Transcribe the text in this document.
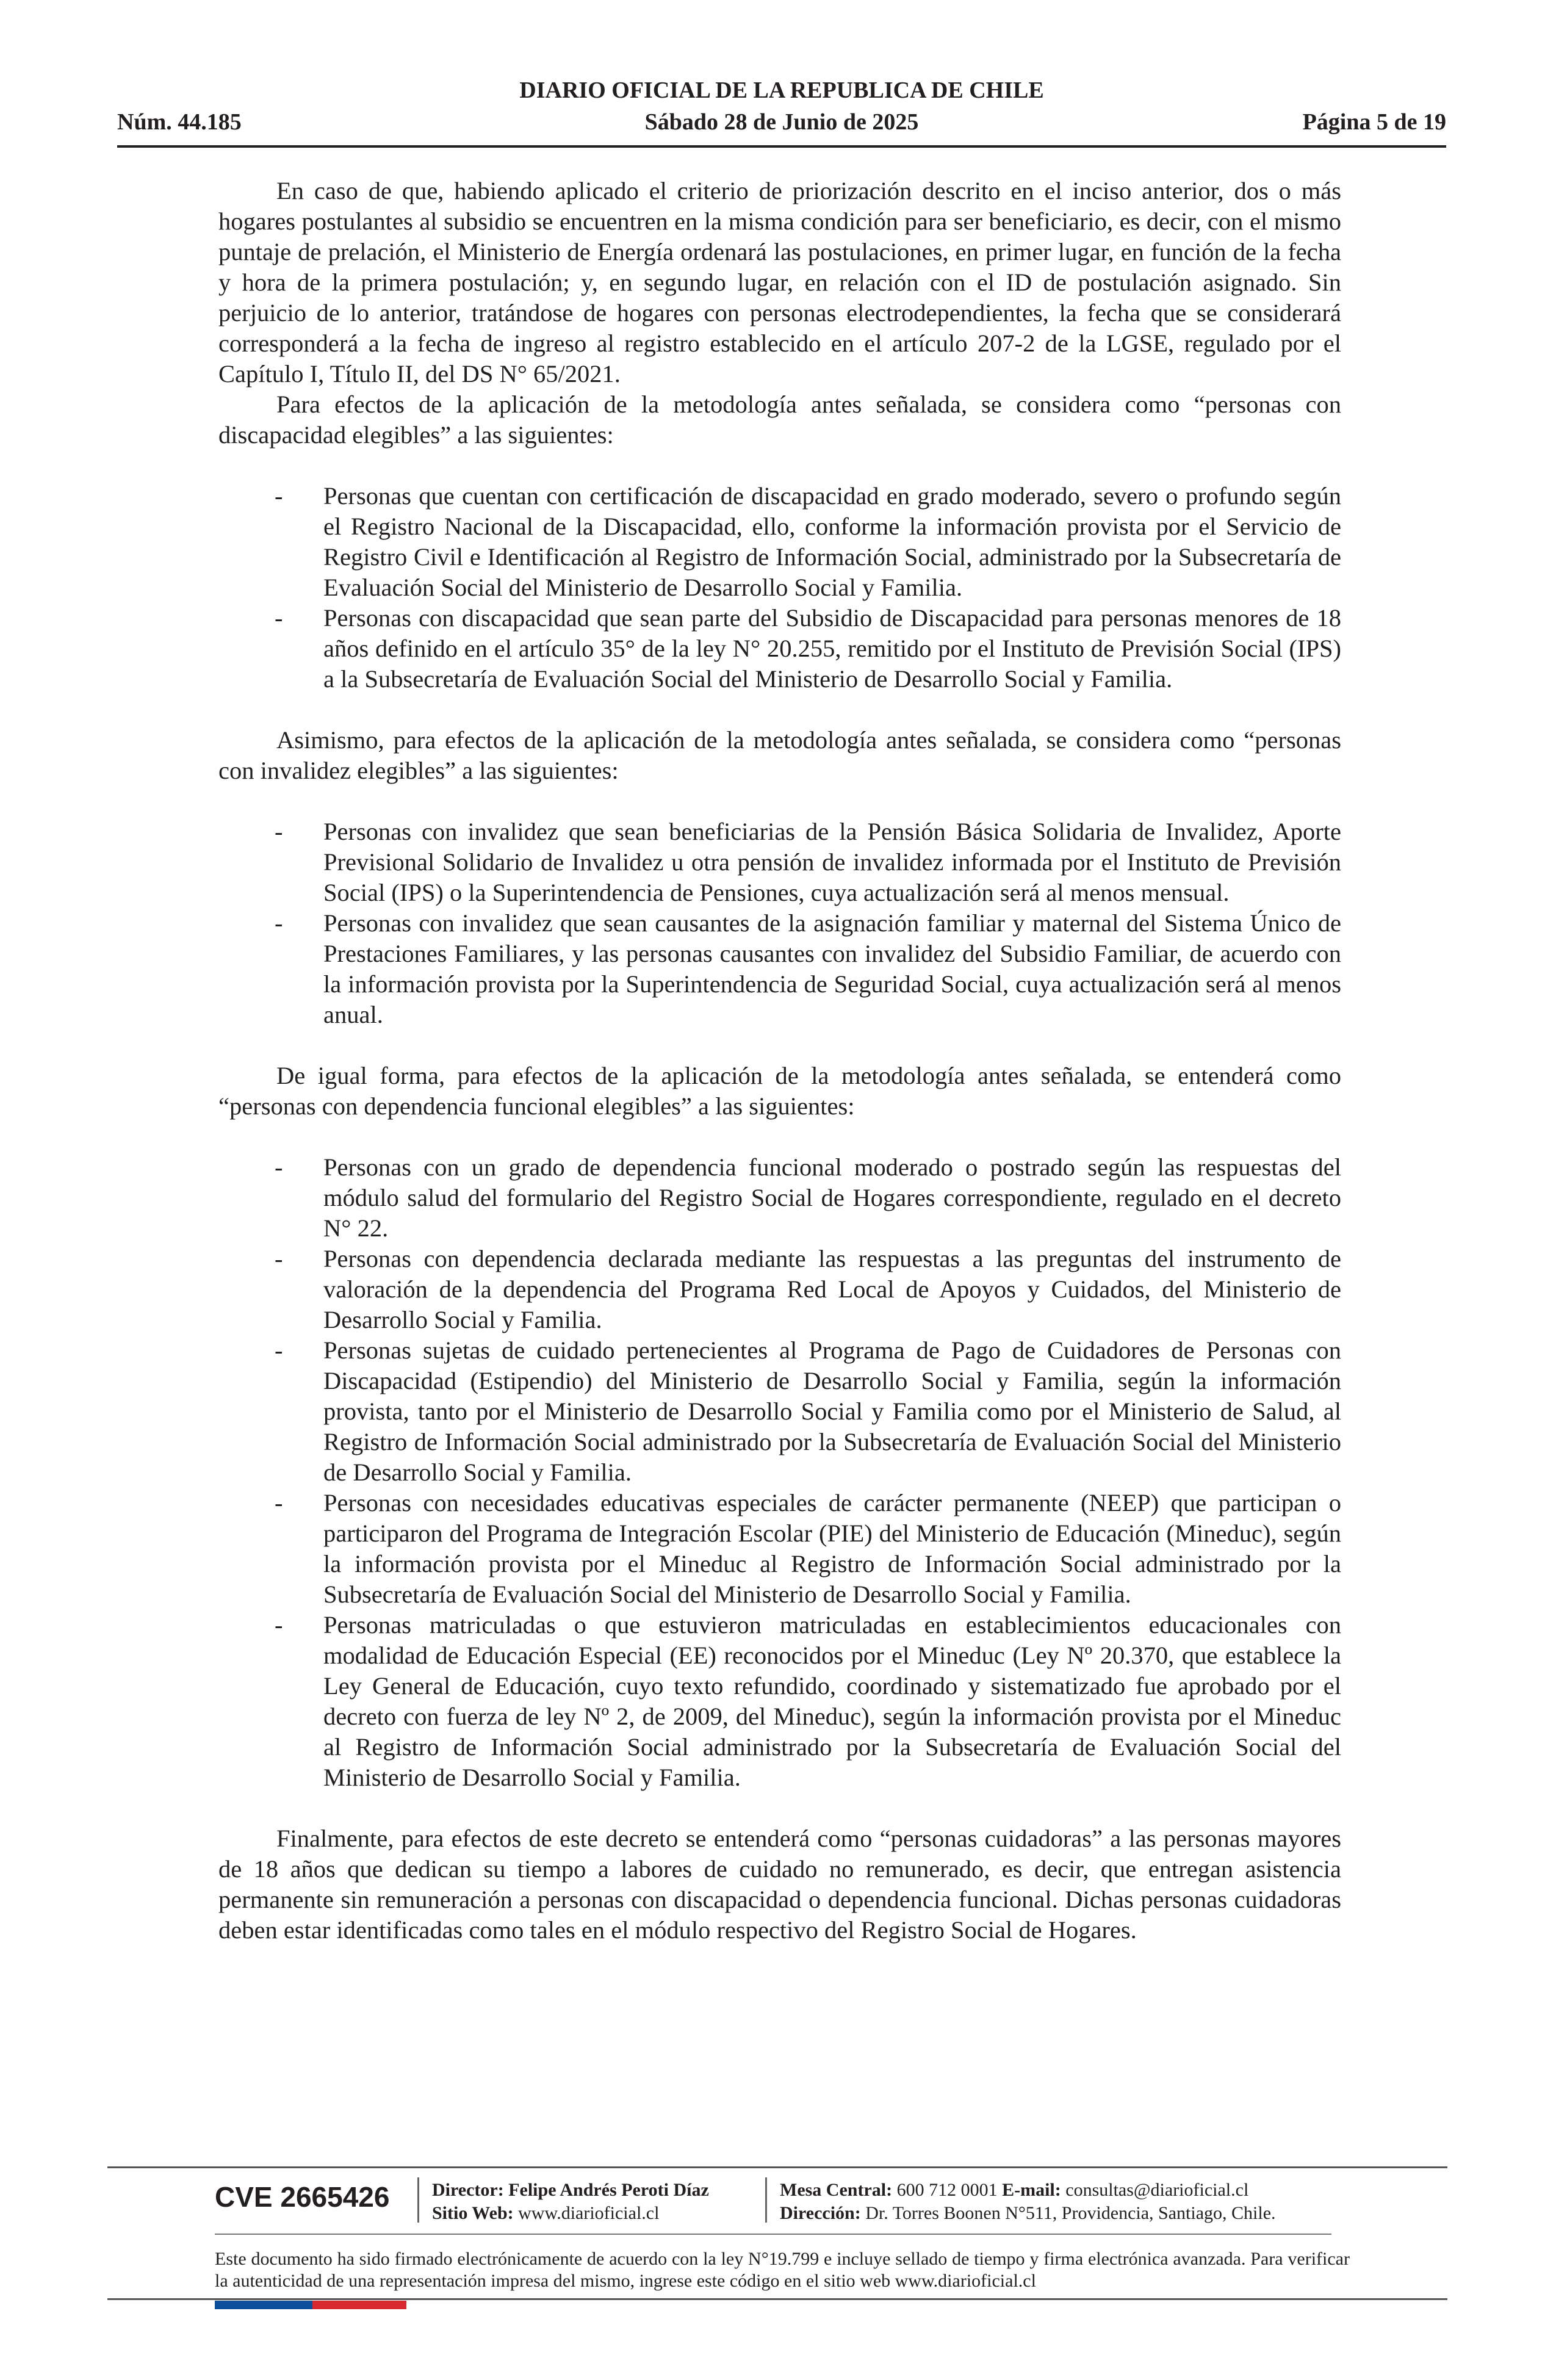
DIARIO OFICIAL DE LA REPUBLICA DE CHILE
Núm. 44.185	Sábado 28 de Junio de 2025	Página 5 de 19

En caso de que, habiendo aplicado el criterio de priorización descrito en el inciso anterior, dos o más hogares postulantes al subsidio se encuentren en la misma condición para ser beneficiario, es decir, con el mismo puntaje de prelación, el Ministerio de Energía ordenará las postulaciones, en primer lugar, en función de la fecha y hora de la primera postulación; y, en segundo lugar, en relación con el ID de postulación asignado. Sin perjuicio de lo anterior, tratándose de hogares con personas electrodependientes, la fecha que se considerará corresponderá a la fecha de ingreso al registro establecido en el artículo 207-2 de la LGSE, regulado por el Capítulo I, Título II, del DS N° 65/2021.

Para efectos de la aplicación de la metodología antes señalada, se considera como “personas con discapacidad elegibles” a las siguientes:

- Personas que cuentan con certificación de discapacidad en grado moderado, severo o profundo según el Registro Nacional de la Discapacidad, ello, conforme la información provista por el Servicio de Registro Civil e Identificación al Registro de Información Social, administrado por la Subsecretaría de Evaluación Social del Ministerio de Desarrollo Social y Familia.
- Personas con discapacidad que sean parte del Subsidio de Discapacidad para personas menores de 18 años definido en el artículo 35° de la ley N° 20.255, remitido por el Instituto de Previsión Social (IPS) a la Subsecretaría de Evaluación Social del Ministerio de Desarrollo Social y Familia.

Asimismo, para efectos de la aplicación de la metodología antes señalada, se considera como “personas con invalidez elegibles” a las siguientes:

- Personas con invalidez que sean beneficiarias de la Pensión Básica Solidaria de Invalidez, Aporte Previsional Solidario de Invalidez u otra pensión de invalidez informada por el Instituto de Previsión Social (IPS) o la Superintendencia de Pensiones, cuya actualización será al menos mensual.
- Personas con invalidez que sean causantes de la asignación familiar y maternal del Sistema Único de Prestaciones Familiares, y las personas causantes con invalidez del Subsidio Familiar, de acuerdo con la información provista por la Superintendencia de Seguridad Social, cuya actualización será al menos anual.

De igual forma, para efectos de la aplicación de la metodología antes señalada, se entenderá como “personas con dependencia funcional elegibles” a las siguientes:

- Personas con un grado de dependencia funcional moderado o postrado según las respuestas del módulo salud del formulario del Registro Social de Hogares correspondiente, regulado en el decreto N° 22.
- Personas con dependencia declarada mediante las respuestas a las preguntas del instrumento de valoración de la dependencia del Programa Red Local de Apoyos y Cuidados, del Ministerio de Desarrollo Social y Familia.
- Personas sujetas de cuidado pertenecientes al Programa de Pago de Cuidadores de Personas con Discapacidad (Estipendio) del Ministerio de Desarrollo Social y Familia, según la información provista, tanto por el Ministerio de Desarrollo Social y Familia como por el Ministerio de Salud, al Registro de Información Social administrado por la Subsecretaría de Evaluación Social del Ministerio de Desarrollo Social y Familia.
- Personas con necesidades educativas especiales de carácter permanente (NEEP) que participan o participaron del Programa de Integración Escolar (PIE) del Ministerio de Educación (Mineduc), según la información provista por el Mineduc al Registro de Información Social administrado por la Subsecretaría de Evaluación Social del Ministerio de Desarrollo Social y Familia.
- Personas matriculadas o que estuvieron matriculadas en establecimientos educacionales con modalidad de Educación Especial (EE) reconocidos por el Mineduc (Ley Nº 20.370, que establece la Ley General de Educación, cuyo texto refundido, coordinado y sistematizado fue aprobado por el decreto con fuerza de ley Nº 2, de 2009, del Mineduc), según la información provista por el Mineduc al Registro de Información Social administrado por la Subsecretaría de Evaluación Social del Ministerio de Desarrollo Social y Familia.

Finalmente, para efectos de este decreto se entenderá como “personas cuidadoras” a las personas mayores de 18 años que dedican su tiempo a labores de cuidado no remunerado, es decir, que entregan asistencia permanente sin remuneración a personas con discapacidad o dependencia funcional. Dichas personas cuidadoras deben estar identificadas como tales en el módulo respectivo del Registro Social de Hogares.

CVE 2665426 Director: Felipe Andrés Peroti Díaz
Sitio Web: www.diarioficial.cl
Mesa Central: 600 712 0001 E-mail: consultas@diarioficial.cl
Dirección: Dr. Torres Boonen N°511, Providencia, Santiago, Chile.
Este documento ha sido firmado electrónicamente de acuerdo con la ley N°19.799 e incluye sellado de tiempo y firma electrónica avanzada. Para verificar la autenticidad de una representación impresa del mismo, ingrese este código en el sitio web www.diarioficial.cl
